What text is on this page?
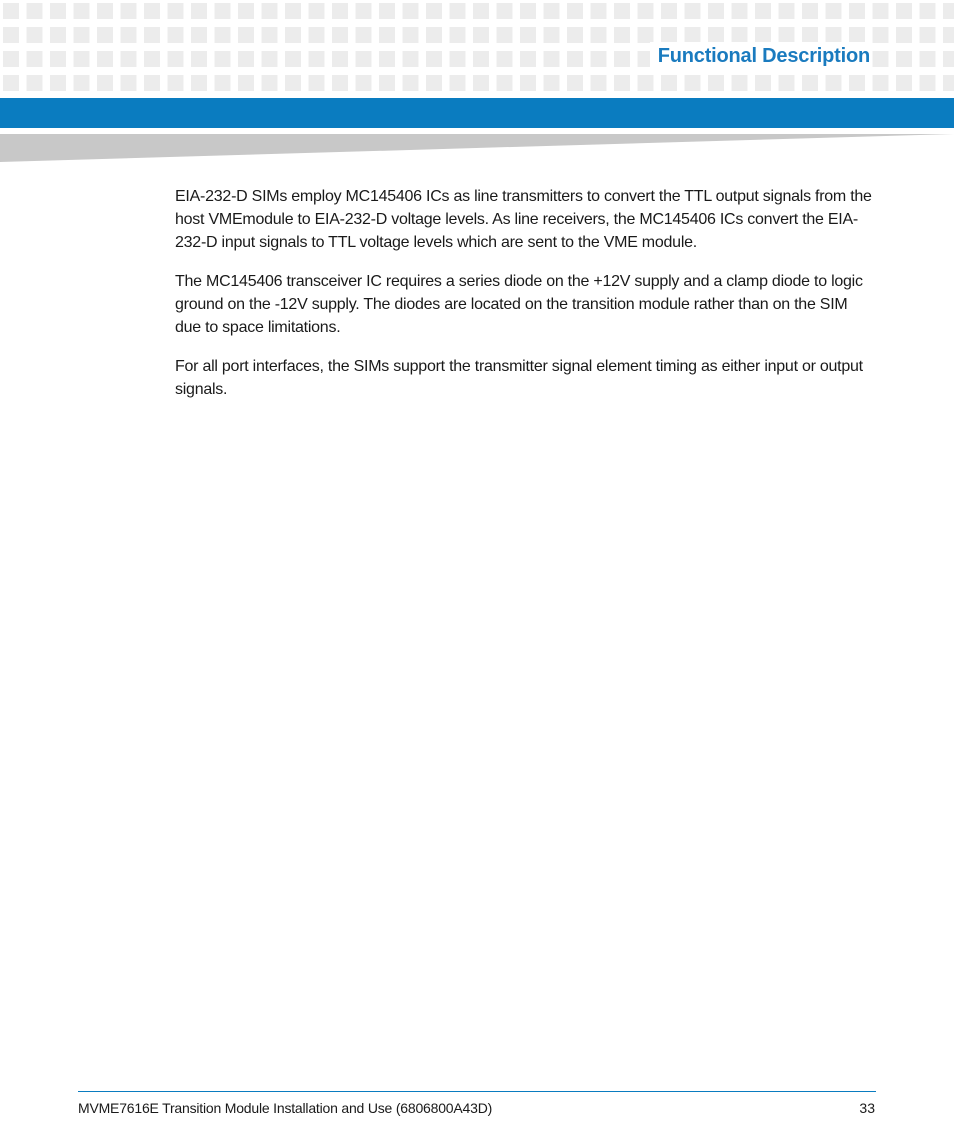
Functional Description

EIA-232-D SIMs employ MC145406 ICs as line transmitters to convert the TTL output signals from the host VMEmodule to EIA-232-D voltage levels. As line receivers, the MC145406 ICs convert the EIA-232-D input signals to TTL voltage levels which are sent to the VME module.

The MC145406 transceiver IC requires a series diode on the +12V supply and a clamp diode to logic ground on the -12V supply. The diodes are located on the transition module rather than on the SIM due to space limitations.

For all port interfaces, the SIMs support the transmitter signal element timing as either input or output signals.

MVME7616E Transition Module Installation and Use (6806800A43D)	33
